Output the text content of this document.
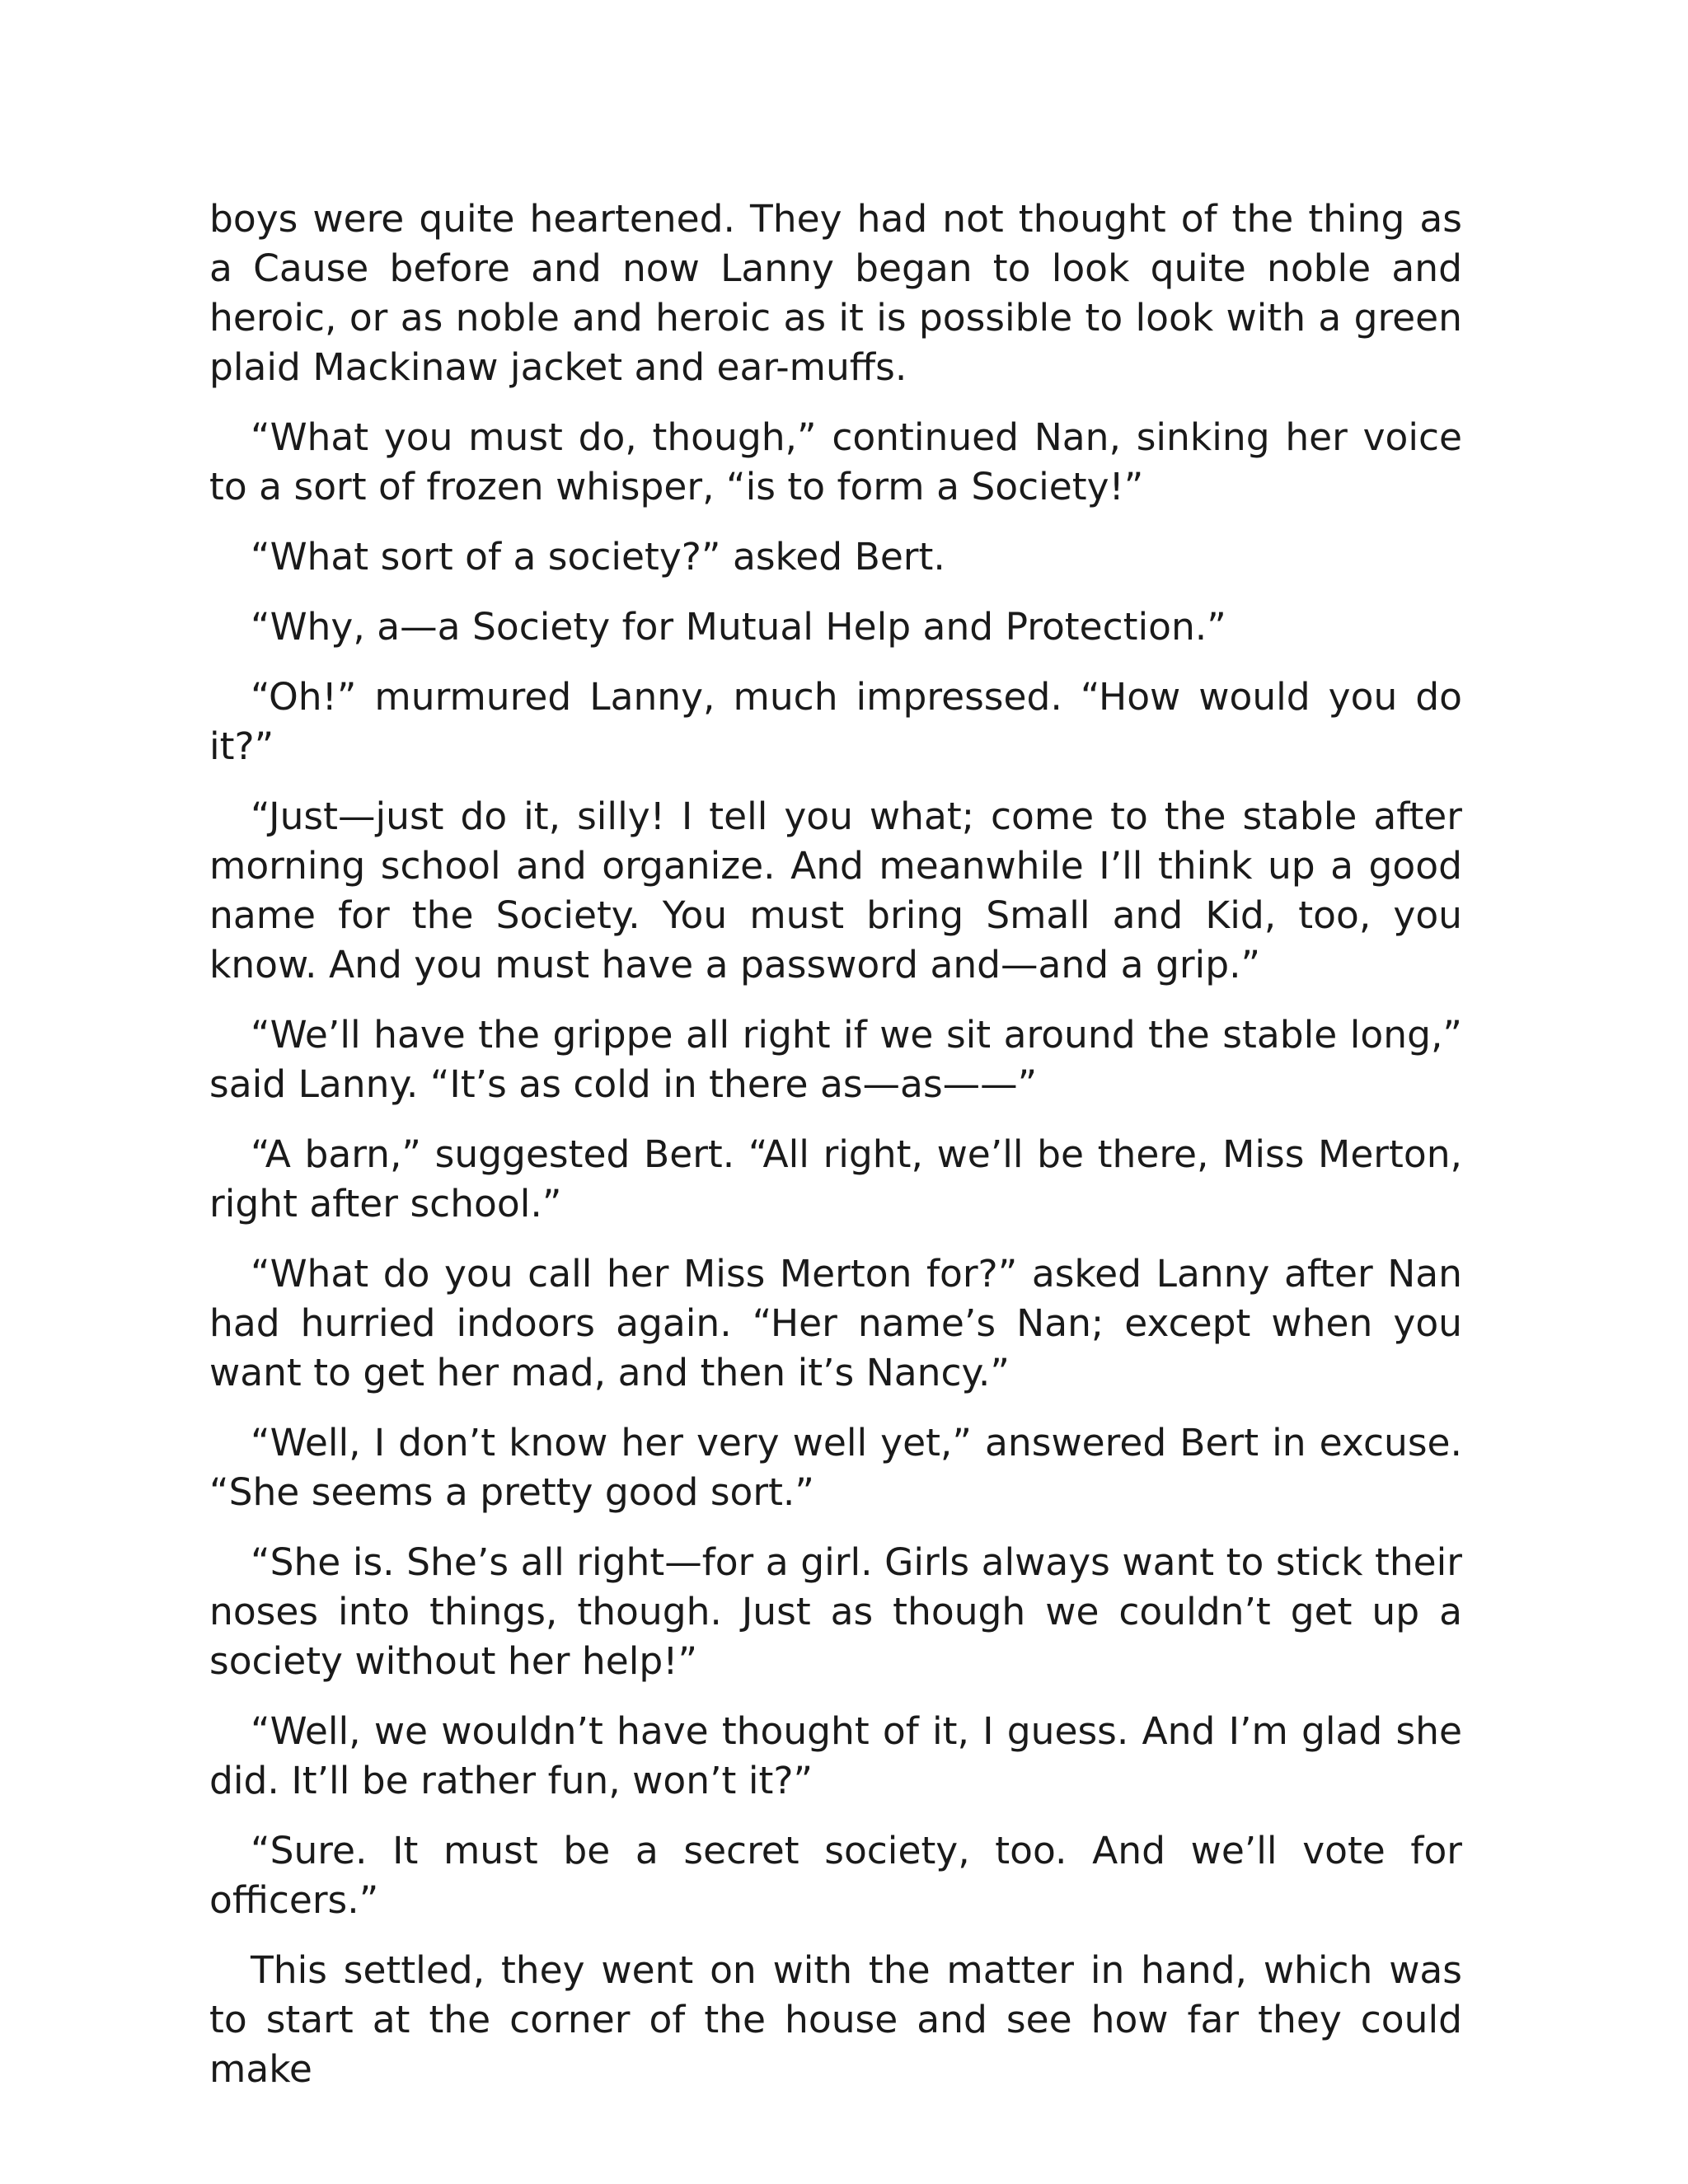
boys were quite heartened. They had not thought of the thing as a Cause before and now Lanny began to look quite noble and heroic, or as noble and heroic as it is possible to look with a green plaid Mackinaw jacket and ear-muffs.

“What you must do, though,” continued Nan, sinking her voice to a sort of frozen whisper, “is to form a Society!”

“What sort of a society?” asked Bert.

“Why, a—a Society for Mutual Help and Protection.”

“Oh!” murmured Lanny, much impressed. “How would you do it?”

“Just—just do it, silly! I tell you what; come to the stable after morning school and organize. And meanwhile I’ll think up a good name for the Society. You must bring Small and Kid, too, you know. And you must have a password and—and a grip.”

“We’ll have the grippe all right if we sit around the stable long,” said Lanny. “It’s as cold in there as—as——”

“A barn,” suggested Bert. “All right, we’ll be there, Miss Merton, right after school.”

“What do you call her Miss Merton for?” asked Lanny after Nan had hurried indoors again. “Her name’s Nan; except when you want to get her mad, and then it’s Nancy.”

“Well, I don’t know her very well yet,” answered Bert in excuse. “She seems a pretty good sort.”

“She is. She’s all right—for a girl. Girls always want to stick their noses into things, though. Just as though we couldn’t get up a society without her help!”

“Well, we wouldn’t have thought of it, I guess. And I’m glad she did. It’ll be rather fun, won’t it?”

“Sure. It must be a secret society, too. And we’ll vote for officers.”

This settled, they went on with the matter in hand, which was to start at the corner of the house and see how far they could make
